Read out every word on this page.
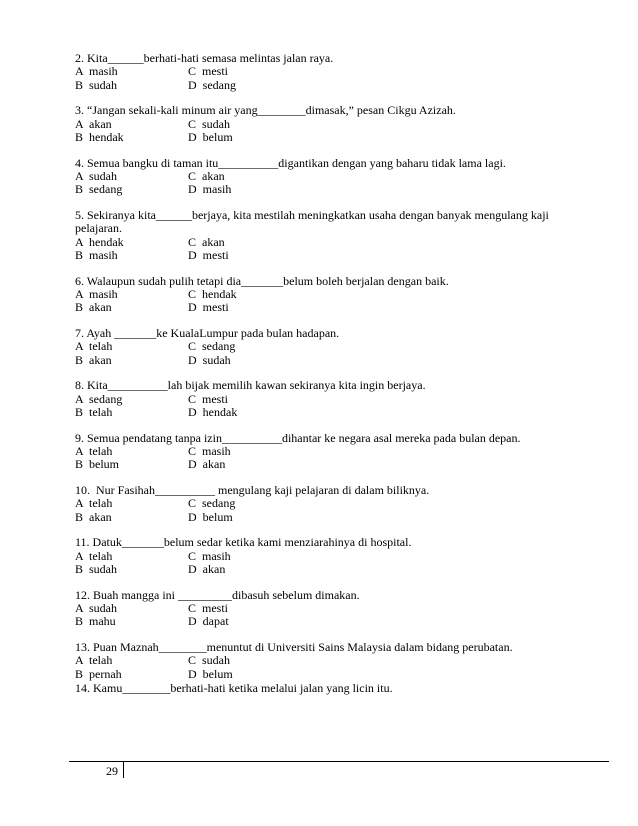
2. Kita______berhati-hati semasa melintas jalan raya.
A  masih	C  mesti
B  sudah	D  sedang
3. “Jangan sekali-kali minum air yang________dimasak,” pesan Cikgu Azizah.
A  akan	C  sudah
B  hendak	D  belum
4. Semua bangku di taman itu__________digantikan dengan yang baharu tidak lama lagi.
A  sudah	C  akan
B  sedang	D  masih
5. Sekiranya kita______berjaya, kita mestilah meningkatkan usaha dengan banyak mengulang kaji pelajaran.
A  hendak	C  akan
B  masih	D  mesti
6. Walaupun sudah pulih tetapi dia_______belum boleh berjalan dengan baik.
A  masih	C  hendak
B  akan	D  mesti
7. Ayah _______ke KualaLumpur pada bulan hadapan.
A  telah	C  sedang
B  akan	D  sudah
8. Kita__________lah bijak memilih kawan sekiranya kita ingin berjaya.
A  sedang	C  mesti
B  telah	D  hendak
9. Semua pendatang tanpa izin__________dihantar ke negara asal mereka pada bulan depan.
A  telah	C  masih
B  belum	D  akan
10.  Nur Fasihah__________ mengulang kaji pelajaran di dalam biliknya.
A  telah	C  sedang
B  akan	D  belum
11. Datuk_______belum sedar ketika kami menziarahinya di hospital.
A  telah	C  masih
B  sudah	D  akan
12. Buah mangga ini _________dibasuh sebelum dimakan.
A  sudah	C  mesti
B  mahu	D  dapat
13. Puan Maznah________menuntut di Universiti Sains Malaysia dalam bidang perubatan.
A  telah	C  sudah
B  pernah	D  belum
14. Kamu________berhati-hati ketika melalui jalan yang licin itu.
29
